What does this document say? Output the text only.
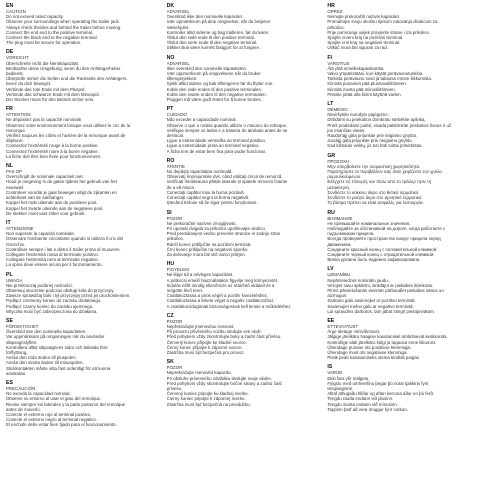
EN
CAUTION
Do not exceed rated capacity.
Observe your surroundings when operating the trailer jack.
Always check theisles and behind the trailer before moving.
Connect the end end to the positive terminal.
Connect the black end to the negative terminal.
The plug must be secure for operation.
DE
VORSICHT
Überschreite nicht die Nennkapazität.
Beobachte deine Umgebung, wenn du den Anhängerheber
bedienst.
Überprüfe immer die Seiten und die Rückseite des Anhängers,
bevor du dich bewegst.
Verbinde das rote Ende mit dem Pluspol.
Verbinde das schwarze Ende mit dem Minuspol.
Der Stecker muss für den Betrieb sicher sein.
FR
ATTENTION
Ne dépassez pas la capacité nominale.
Observez votre environnement lorsque vous utilisez le cric de la
remorque.
Vérifiez toujours les côtés et l'arrière de la remorque avant de
déplacer.
Connectez l'extrémité rouge à la borne positive.
Connectez l'extrémité noire à la borne négative.
La fiche doit être bien fixée pour fonctionnement.
NL
PAS OP
Overschrijdt de nominale capaciteit niet.
Houd je omgeving in de gaten tijdens het gebruik van het
neuswiel.
Controleer voordat je gaat bewegen altijd de zijkanten en
achterkant van de aanhanger.
Koppel het rode uiteinde aan de positieve pool.
Koppel het zwarte uiteinde aan de negatieve pool.
De stekker moet vast zitten voor gebruik.
IT
ATTENZIONE
Non superare la capacità nominale.
Osservare l'ambiente circostante quando si utilizza il cric del
rimorchio.
Controllare sempre i lati e dietro il trailer prima di muoversi.
Collegare l'estremità rossa al terminale positivo.
Collegare l'estremità nera al terminale negativo.
La spina deve essere sicura per il funzionamento.
PL
UWAGA
Nie przekraczaj podanej nośności.
Obserwuj otoczenie podczas obsługi koła do przyczepy.
Zawsze sprawdzaj boki i tył przyczepy przed jej uruchomieniem.
Podłącz czerwony koniec do zacisku dodatniego.
Podłącz czarny koniec do zacisku ujemnego.
Wtyczka musi być zabezpieczona do działania.
SE
FÖRSIKTIGHET
Överskrid inte den nominella kapaciteten.
Var uppmärksam på omgivningen när du använder
släpvagnslyften.
Kontrollera alltid släpvagnens sidor och baksida före
förflyttning.
Anslut den röda änden till pluspolen.
Anslut den svarta änden till minuspolen.
Stickkontakten måste sitta fast ordentligt för att kunna
användas.
ES
PRECAUCIÓN
No exceda la capacidad nominal.
Observe su entorno al usar el gato del remolque.
Revise siempre los laterales y la parte posterior del remolque
antes de moverlo.
Conecte el extremo rojo al terminal positivo.
Conecte el extremo negro al terminal negativo.
El enchufe debe estar bien fijado para el funcionamiento.
DK
ADVARSEL
Overskrid ikke den nominelle kapacitet.
Vær opmærksom på dine omgivelser, når du betjener
næsehjulet.
Kontroller altid siderne og bag trailleren, før du kører.
Tilslut den røde ende til den positive terminal.
Tilslut den sorte ende til den negative terminal.
Stikket skal være korrekt fastgjort for at fungere.
NO
ADVARSEL
Ikke overskrid den nominelle kapasiteten.
Vær oppmerksom på omgivelsene når du bruker
tilhengerjekken.
Sjekk alltid sidene og bak tilhengeren før du flytter noe.
Koble den røde enden til den positive terminalen.
Koble den svarte enden til den negative terminalen.
Pluggen må være godt festet for å kunne brukes.
PT
CUIDADO
Não exceder a capacidade nominal.
Observe o que o rodeia quando utilizar o macaco do reboque.
Verifique sempre os lados e a traseira do atrelado antes de se
deslocar.
Ligue a extremidade vermelha ao terminal positivo.
Ligue a extremidade preta ao terminal negativo.
A ficha tem de estar bem fixa para poder funcionar.
RO
ATENȚIE
Nu depășiți capacitatea nominală.
Observați împrejurimile dvs. când utilizați cricul de remorcă.
Verificați întotdeauna părțile laterale și spatele remorcii înainte
de a vă mișca.
Conectați capătul roșu la borna pozitivă.
Conectați capătul negru la borna negativă.
Ștecărul trebuie să fie sigur pentru funcționare.
SI
POZOR
Ne prekoračite nazivne zmogljivosti.
Pri uporabi dvigala za prikolico upoštevajte okolico.
Pred premikanjem vedno preverite stranice in zadnjo stran
prikolice.
Rdeči konec priključite na pozitivni terminal.
Črni konec priključite na negativni sponko.
Za delovanje mora biti vtič varno pritrjen.
HU
FIGYELEM
Ne lépje túl a névleges kapacitást.
A pótkocsi emelő használatakor figyelje meg környezetét.
Indulás előtt mindig ellenőrizze az utánfutó oldalait és a
mögötte lévő teret.
Csatlakoztassa a piros végét a pozitív kivezetéshez.
Csatlakoztassa a fekete végét a negatív csatlakozóhoz.
A csatlakozódugónak biztonságosnak kell lennie a működéshez.
CZ
POZOR
Nepřekračujte jmenovitou nosnost.
Při provozu přívěsného vozíku sledujte své okolí.
Před pohybem vždy zkontrolujte boky a zadní část přívěsu.
Červený konec připojte ke kladné svorce.
Černý konec připojte k záporné svorce.
Zástrčka musí být bezpečná pro provoz.
SK
POZOR
Neprekračujte menovitú kapacitu.
Pri obsluhe prívesného zdviháku sledujte svoje okolie.
Pred pohybom vždy skontrolujte bočné strany a zadnú časť
prívesu.
Červený koniec pripojte ku kladnej svorke.
Čierny koniec pripojte k zápornej svorke.
Zástrčka musí byť bezpečná na prevádzku.
HR
OPREZ
Nemojte prekoračiti nazivni kapacitet.
Promatrajte svoju okolinu tijekom rukovanja dizalicom za
prikolicu.
Prije pomicanja uvijek provjerite strane i iza prikolice.
Spojite crveni kraj na pozitivni terminal.
Spojite crni kraj na negativni terminal.
Utikač mora biti siguran za rad.
FI
VAROITUS
Älä ylitä nimelliskapasiteettia.
Valvo ympäristöäsi, kun käytät perävaunutunkkia.
Tarkista perävaunu sivut ja takaosa ennen liikkumista.
Kiinnitä punainen pää plusnavaliittimeen.
Kiinnitä musta pää miinusliittimeen.
Pistoke pitää olla kiinni käyttöä varten.
LT
DĖMESIO
Neviršykite nurodyto pajėgumo.
Dirbdami su priekabos domkratu stebėkite aplinką.
Prieš pradėdami judėti, visada patikrinkite priekabos šonus ir už
jos esančias vietas.
Raudonąjį galą prijunkite prie teigiamo gnybto.
Juodąjį galą prijunkite prie neigiamo gnybto.
Kad kištukas veiktų, jis turi būti tvirtai pritvirtintas.
GR
ΠΡΟΣΟΧΗ
Μην υπερβαίνετε την ονομαστική χωρητικότητα.
Παρατηρήστε το περιβάλλον σας όταν χειρίζεστε τον γρύλο
ρυμουλκούμενου.
Ελέγχετε τις πλευρές και πίσω από το τρέιλερ πριν τη
μετακίνηση.
Συνδέστε το κόκκινο άκρο στο θετικό τερματικό.
Συνδέστε το μαύρο άκρο στο αρνητικό τερματικό.
Το βύσμα πρέπει να είναι ασφαλές για λειτουργία.
RU
ВНИМАНИЕ
Не превышайте номинальные значения.
Наблюдайте за обстановкой на дороге, когда работаете с
подъемником прицепа.
Всегда проверяйте пространство вокруг прицепа перед
движением.
Соедините красный конец с положительной клеммой.
Соедините черный конец с отрицательной клеммой.
Вилка должна быть надежно зафиксирована.
LV
UZMANĪBU
Nepārsniedziet nominālo jaudu.
Vērojiet savu apkārtni, strādājot ar piekabes domkratu.
Pirms pārvietošanās vienmēr pārbaudiet piekabes sānus un
aizmuguri.
Sarkano galu savienojiet ar pozitīvo termināli.
Savienojiet melno galu ar negatīvo termināli.
Lai spraudnis darbotos, tam jābūt stingri piestiprinātam.
EE
ETTEVAATUST
Ärge ületage nimivõimsust.
Jälgige järelkäru haagise kasutamisel ümbritsevat keskkonda.
Kontrollige alati järelkäru külgi ja tagaosa enne liikumist.
Ühendage punane ots positiivse klemmiga.
Ühendage must ots negatiivse klemmiga.
Pistik peab kasutamiseks olema kindlalt paigas.
IS
VARÚÐ
Ekki fara yfir málgetu.
Fylgstu með umhverfinu þegar þú notar tjakkinn fyrir
tengivagninn.
Alltaf athugaðu hliðar og aftan kerruna áður en þú ferð.
Tengdu rauða endann við plúsinn.
Tengdu svarta endann við mínusinn.
Tappinn þarf að vera öruggur fyrir notkun.
